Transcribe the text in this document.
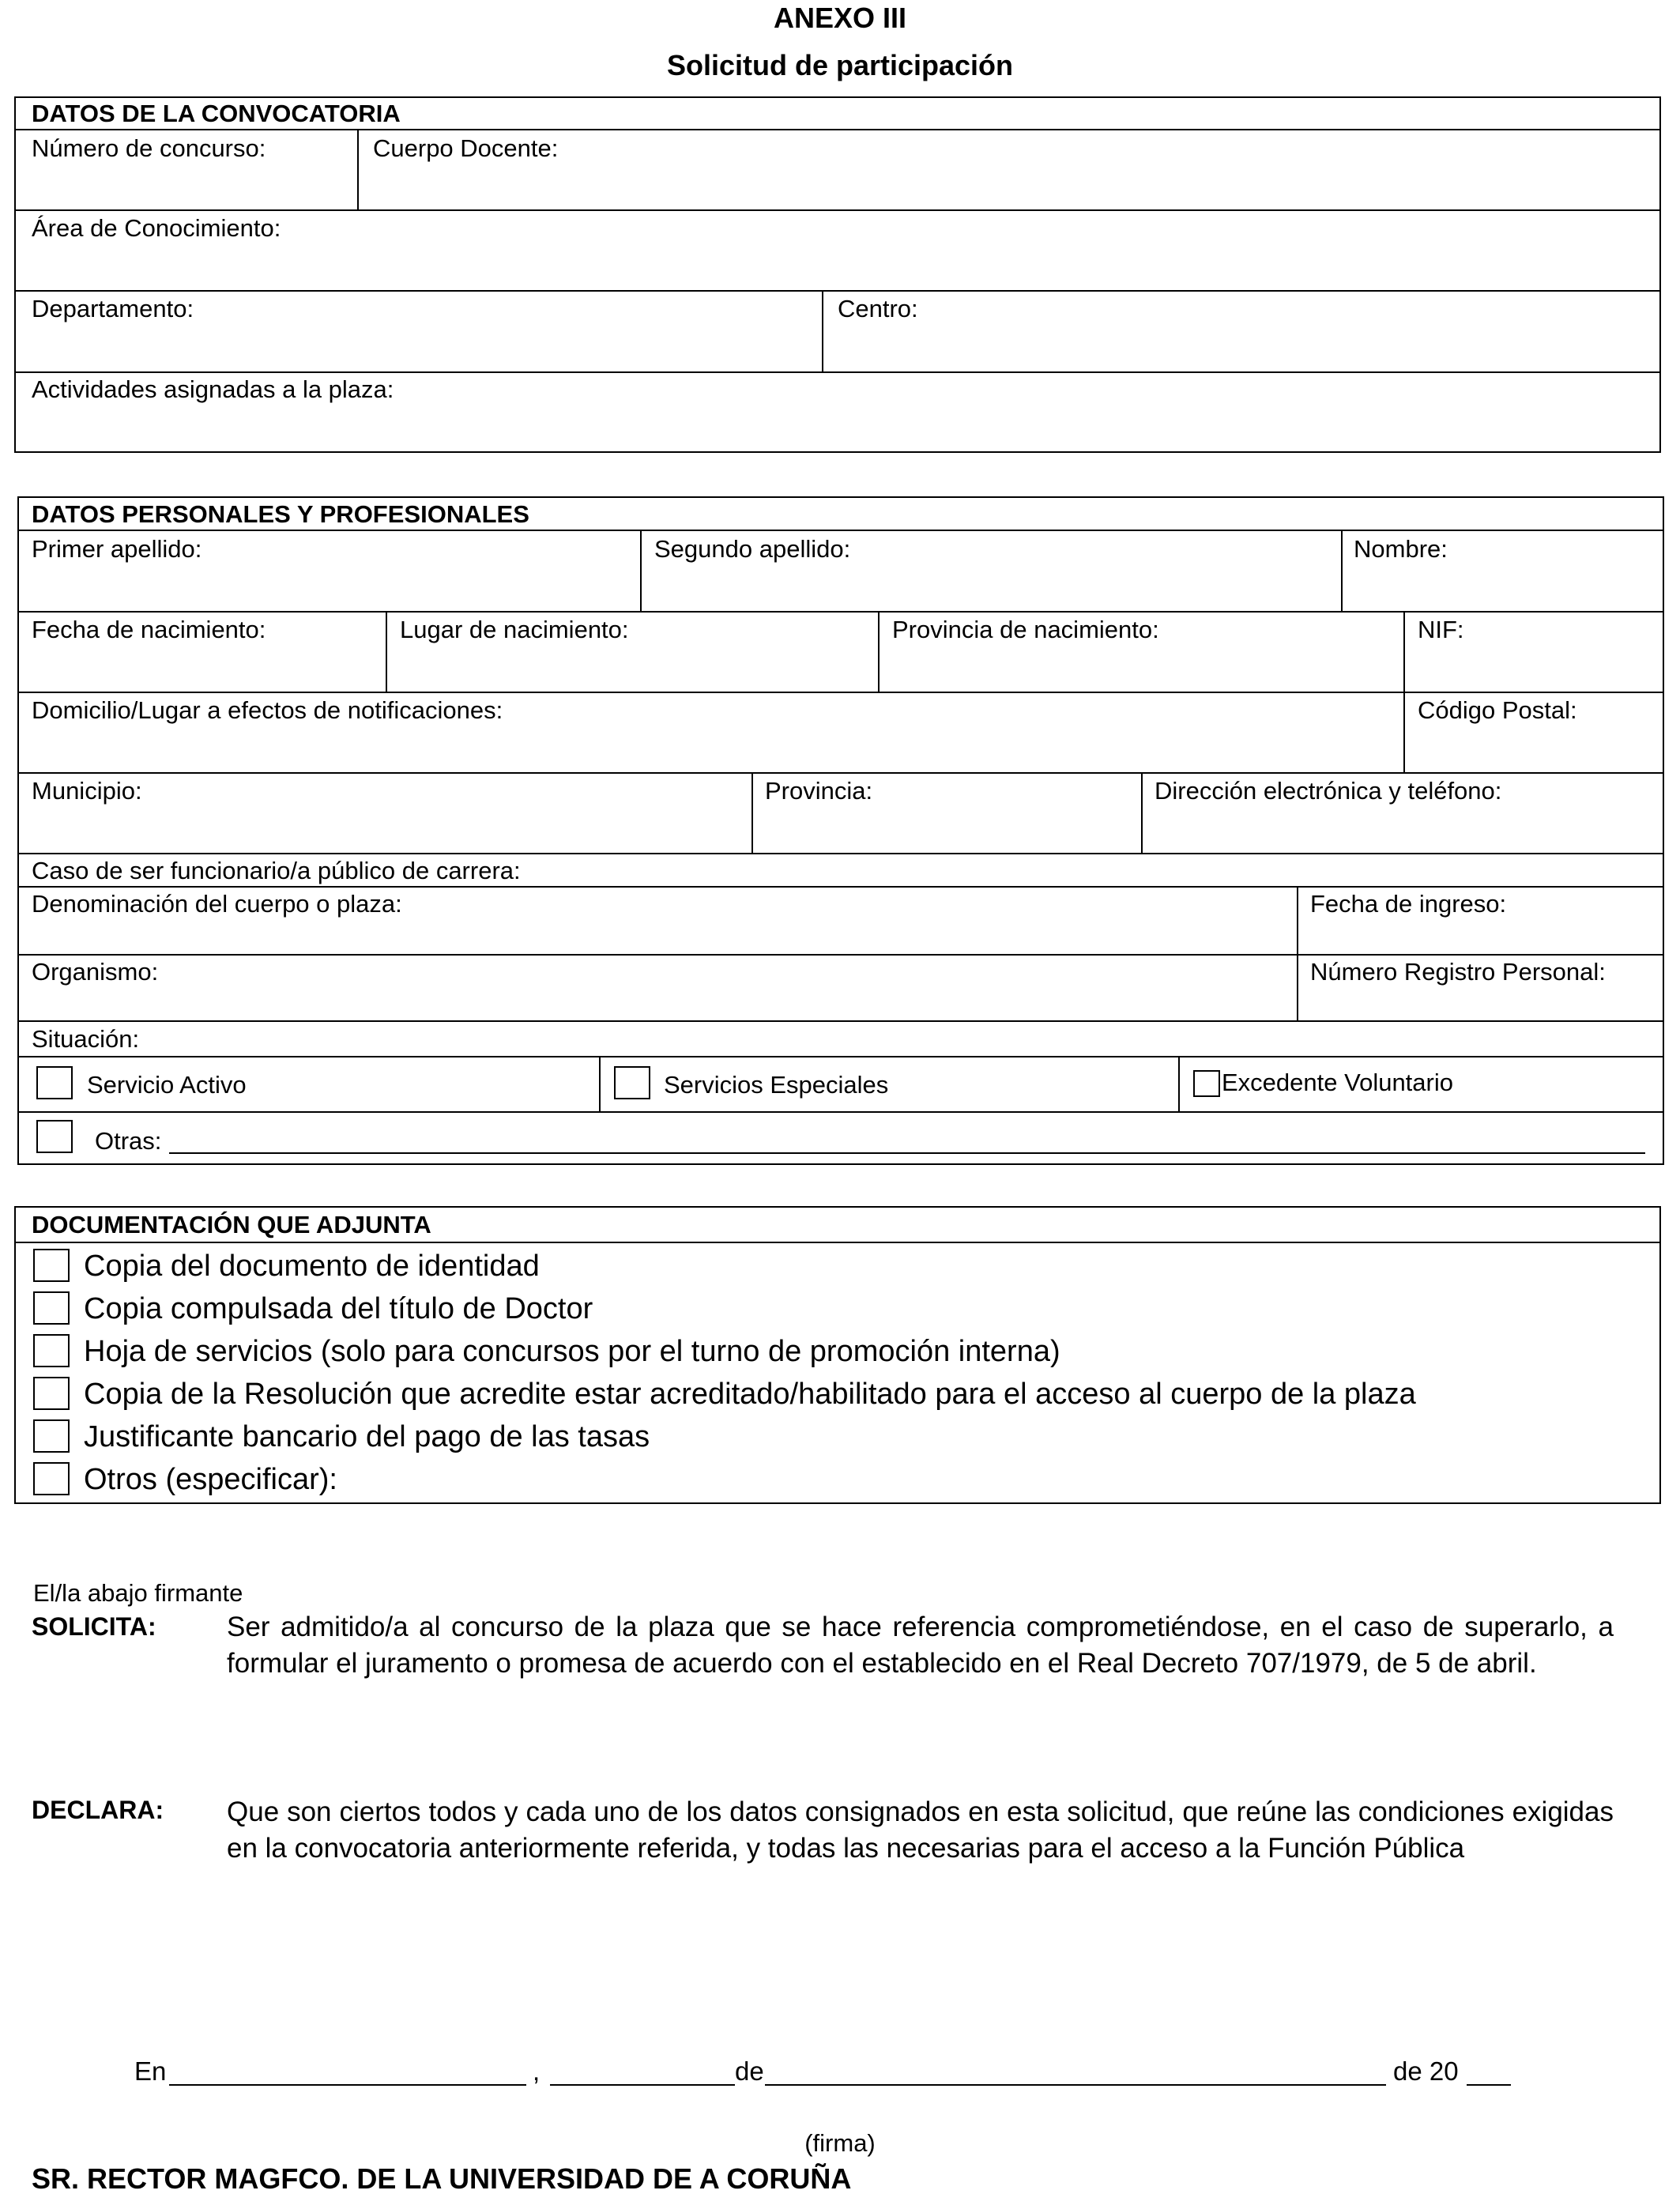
ANEXO III
Solicitud de participación
DATOS DE LA CONVOCATORIA
Número de concurso:	Cuerpo Docente:
Área de Conocimiento:
Departamento:	Centro:
Actividades asignadas a la plaza:
DATOS PERSONALES Y PROFESIONALES
Primer apellido:	Segundo apellido:	Nombre:
Fecha de nacimiento:	Lugar de nacimiento:	Provincia de nacimiento:	NIF:
Domicilio/Lugar a efectos de notificaciones:	Código Postal:
Municipio:	Provincia:	Dirección electrónica y teléfono:
Caso de ser funcionario/a público de carrera:
Denominación del cuerpo o plaza:	Fecha de ingreso:
Organismo:	Número Registro Personal:
Situación:
Servicio Activo	Servicios Especiales	Excedente Voluntario
Otras:
DOCUMENTACIÓN QUE ADJUNTA
Copia del documento de identidad
Copia compulsada del título de Doctor
Hoja de servicios (solo para concursos por el turno de promoción interna)
Copia de la Resolución que acredite estar acreditado/habilitado para el acceso al cuerpo de la plaza
Justificante bancario del pago de las tasas
Otros (especificar):
El/la abajo firmante
SOLICITA:	Ser admitido/a al concurso de la plaza que se hace referencia comprometiéndose, en el caso de superarlo, a formular el juramento o promesa de acuerdo con el establecido en el Real Decreto 707/1979, de 5 de abril.
DECLARA: Que son ciertos todos y cada uno de los datos consignados en esta solicitud, que reúne las condiciones exigidas en la convocatoria anteriormente referida, y todas las necesarias para el acceso a la Función Pública
En	,	de	de 20
(firma)
SR. RECTOR MAGFCO. DE LA UNIVERSIDAD DE A CORUÑA
